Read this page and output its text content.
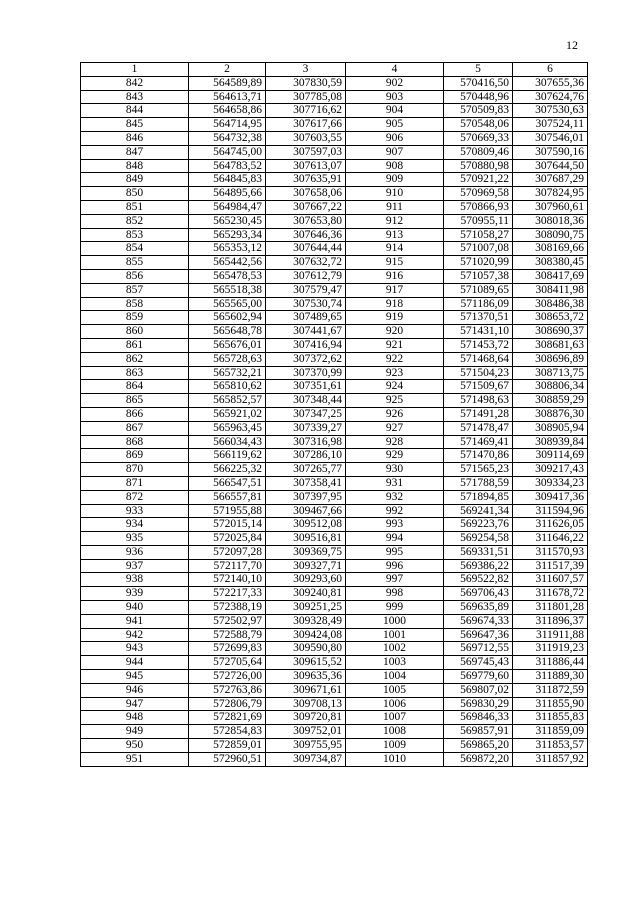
12
1	2	3	4	5	6
842	564589,89	307830,59	902	570416,50	307655,36
843	564613,71	307785,08	903	570448,96	307624,76
844	564658,86	307716,62	904	570509,83	307530,63
845	564714,95	307617,66	905	570548,06	307524,11
846	564732,38	307603,55	906	570669,33	307546,01
847	564745,00	307597,03	907	570809,46	307590,16
848	564783,52	307613,07	908	570880,98	307644,50
849	564845,83	307635,91	909	570921,22	307687,29
850	564895,66	307658,06	910	570969,58	307824,95
851	564984,47	307667,22	911	570866,93	307960,61
852	565230,45	307653,80	912	570955,11	308018,36
853	565293,34	307646,36	913	571058,27	308090,75
854	565353,12	307644,44	914	571007,08	308169,66
855	565442,56	307632,72	915	571020,99	308380,45
856	565478,53	307612,79	916	571057,38	308417,69
857	565518,38	307579,47	917	571089,65	308411,98
858	565565,00	307530,74	918	571186,09	308486,38
859	565602,94	307489,65	919	571370,51	308653,72
860	565648,78	307441,67	920	571431,10	308690,37
861	565676,01	307416,94	921	571453,72	308681,63
862	565728,63	307372,62	922	571468,64	308696,89
863	565732,21	307370,99	923	571504,23	308713,75
864	565810,62	307351,61	924	571509,67	308806,34
865	565852,57	307348,44	925	571498,63	308859,29
866	565921,02	307347,25	926	571491,28	308876,30
867	565963,45	307339,27	927	571478,47	308905,94
868	566034,43	307316,98	928	571469,41	308939,84
869	566119,62	307286,10	929	571470,86	309114,69
870	566225,32	307265,77	930	571565,23	309217,43
871	566547,51	307358,41	931	571788,59	309334,23
872	566557,81	307397,95	932	571894,85	309417,36
933	571955,88	309467,66	992	569241,34	311594,96
934	572015,14	309512,08	993	569223,76	311626,05
935	572025,84	309516,81	994	569254,58	311646,22
936	572097,28	309369,75	995	569331,51	311570,93
937	572117,70	309327,71	996	569386,22	311517,39
938	572140,10	309293,60	997	569522,82	311607,57
939	572217,33	309240,81	998	569706,43	311678,72
940	572388,19	309251,25	999	569635,89	311801,28
941	572502,97	309328,49	1000	569674,33	311896,37
942	572588,79	309424,08	1001	569647,36	311911,88
943	572699,83	309590,80	1002	569712,55	311919,23
944	572705,64	309615,52	1003	569745,43	311886,44
945	572726,00	309635,36	1004	569779,60	311889,30
946	572763,86	309671,61	1005	569807,02	311872,59
947	572806,79	309708,13	1006	569830,29	311855,90
948	572821,69	309720,81	1007	569846,33	311855,83
949	572854,83	309752,01	1008	569857,91	311859,09
950	572859,01	309755,95	1009	569865,20	311853,57
951	572960,51	309734,87	1010	569872,20	311857,92
